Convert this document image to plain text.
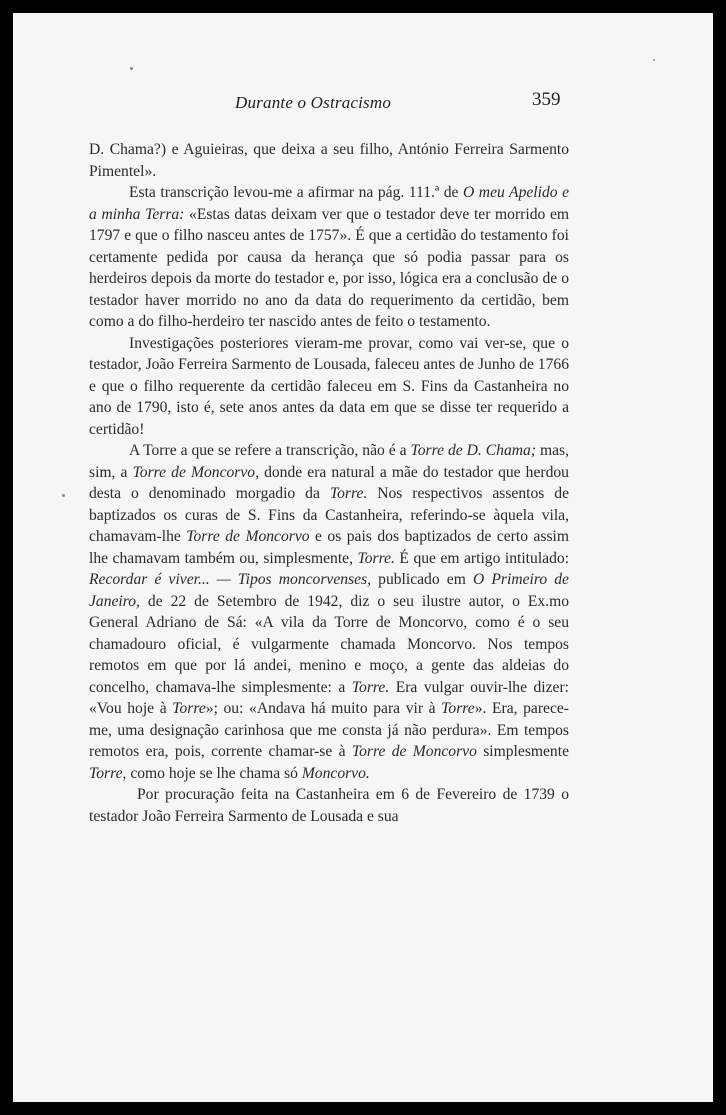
Durante o Ostracismo	359

D. Chama?) e Aguieiras, que deixa a seu filho, António Ferreira Sarmento Pimentel».

Esta transcrição levou-me a afirmar na pág. 111.ª de O meu Apelido e a minha Terra: «Estas datas deixam ver que o testador deve ter morrido em 1797 e que o filho nasceu antes de 1757». É que a certidão do testamento foi certamente pedida por causa da herança que só podia passar para os herdeiros depois da morte do testador e, por isso, lógica era a conclusão de o testador haver morrido no ano da data do requerimento da certidão, bem como a do filho-herdeiro ter nascido antes de feito o testamento.

Investigações posteriores vieram-me provar, como vai ver-se, que o testador, João Ferreira Sarmento de Lousada, faleceu antes de Junho de 1766 e que o filho requerente da certidão faleceu em S. Fins da Castanheira no ano de 1790, isto é, sete anos antes da data em que se disse ter requerido a certidão!

A Torre a que se refere a transcrição, não é a Torre de D. Chama; mas, sim, a Torre de Moncorvo, donde era natural a mãe do testador que herdou desta o denominado morgadio da Torre. Nos respectivos assentos de baptizados os curas de S. Fins da Castanheira, referindo-se àquela vila, chamavam-lhe Torre de Moncorvo e os pais dos baptizados de certo assim lhe chamavam também ou, simplesmente, Torre. É que em artigo intitulado: Recordar é viver... — Tipos moncorvenses, publicado em O Primeiro de Janeiro, de 22 de Setembro de 1942, diz o seu ilustre autor, o Ex.mo General Adriano de Sá: «A vila da Torre de Moncorvo, como é o seu chamadouro oficial, é vulgarmente chamada Moncorvo. Nos tempos remotos em que por lá andei, menino e moço, a gente das aldeias do concelho, chamava-lhe simplesmente: a Torre. Era vulgar ouvir-lhe dizer: «Vou hoje à Torre»; ou: «Andava há muito para vir à Torre». Era, parece-me, uma designação carinhosa que me consta já não perdura». Em tempos remotos era, pois, corrente chamar-se à Torre de Moncorvo simplesmente Torre, como hoje se lhe chama só Moncorvo.

Por procuração feita na Castanheira em 6 de Fevereiro de 1739 o testador João Ferreira Sarmento de Lousada e sua
